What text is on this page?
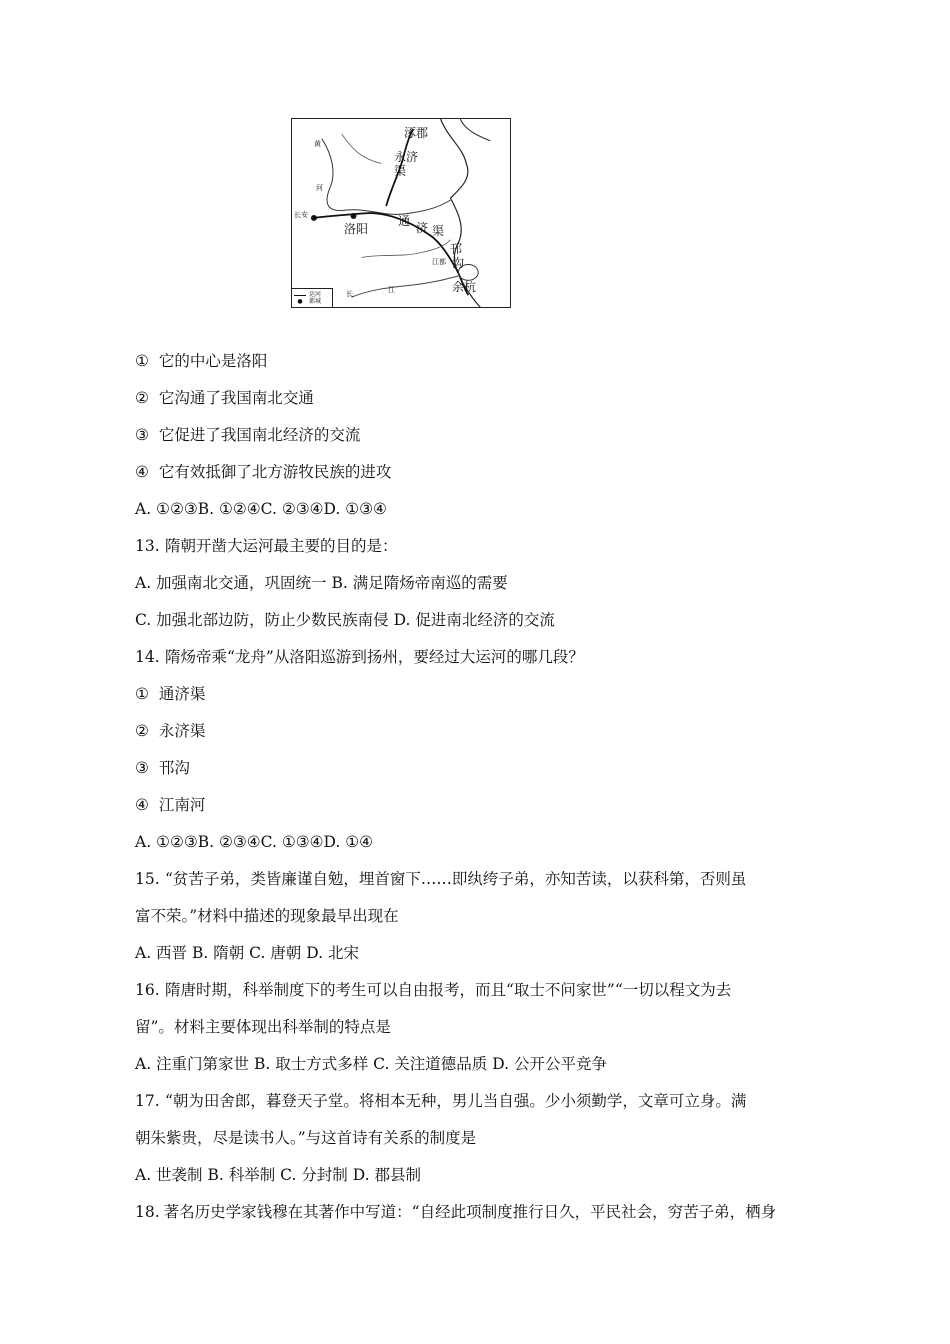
涿郡
永济
渠
黄
河
长安
洛阳
通 济 渠
邗
沟
江都
余杭
长	江
运河
●	都城
① 它的中心是洛阳
② 它沟通了我国南北交通
③ 它促进了我国南北经济的交流
④ 它有效抵御了北方游牧民族的进攻
A. ①②③B. ①②④C. ②③④D. ①③④
13. 隋朝开凿大运河最主要的目的是：
A. 加强南北交通，巩固统一 B. 满足隋炀帝南巡的需要
C. 加强北部边防，防止少数民族南侵 D. 促进南北经济的交流
14. 隋炀帝乘“龙舟”从洛阳巡游到扬州，要经过大运河的哪几段？
① 通济渠
② 永济渠
③ 邗沟
④ 江南河
A. ①②③B. ②③④C. ①③④D. ①④
15. “贫苦子弟，类皆廉谨自勉，埋首窗下……即纨绔子弟，亦知苦读，以获科第，否则虽
富不荣。”材料中描述的现象最早出现在
A. 西晋 B. 隋朝 C. 唐朝 D. 北宋
16. 隋唐时期，科举制度下的考生可以自由报考，而且“取士不问家世”“一切以程文为去
留”。材料主要体现出科举制的特点是
A. 注重门第家世 B. 取士方式多样 C. 关注道德品质 D. 公开公平竞争
17. “朝为田舍郎，暮登天子堂。将相本无种，男儿当自强。少小须勤学，文章可立身。满
朝朱紫贵，尽是读书人。”与这首诗有关系的制度是
A. 世袭制 B. 科举制 C. 分封制 D. 郡县制
18. 著名历史学家钱穆在其著作中写道：“自经此项制度推行日久，平民社会，穷苦子弟，栖身
